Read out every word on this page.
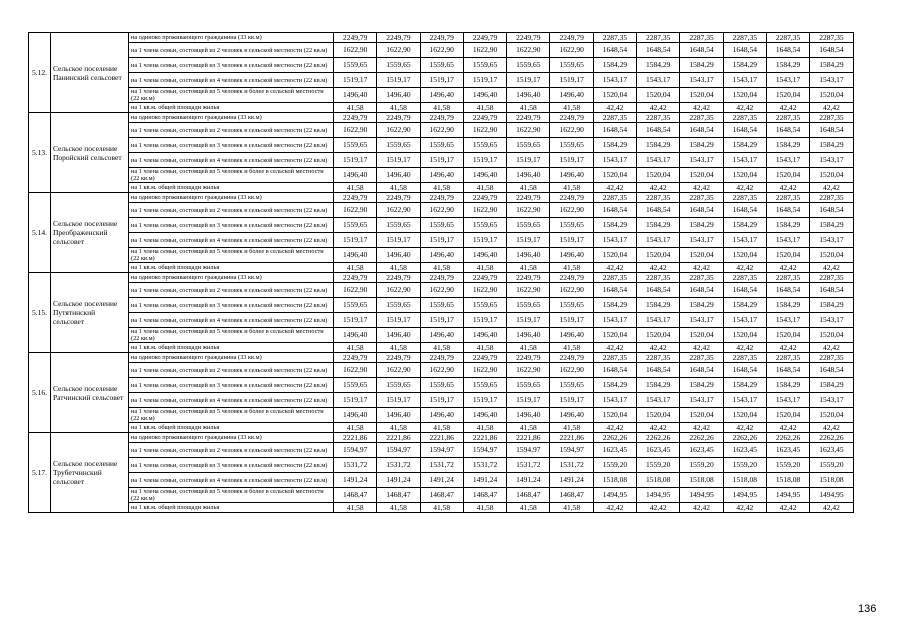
5.12.	Сельское поселение Панинский сельсовет	на одиноко проживающего гражданина (33 кв.м)	2249,79	2249,79	2249,79	2249,79	2249,79	2249,79	2287,35	2287,35	2287,35	2287,35	2287,35	2287,35
		на 1 члена семьи, состоящей из 2 человек в сельской местности (22 кв.м)	1622,90	1622,90	1622,90	1622,90	1622,90	1622,90	1648,54	1648,54	1648,54	1648,54	1648,54	1648,54
		на 1 члена семьи, состоящей из 3 человек в сельской местности (22 кв.м)	1559,65	1559,65	1559,65	1559,65	1559,65	1559,65	1584,29	1584,29	1584,29	1584,29	1584,29	1584,29
		на 1 члена семьи, состоящей из 4 человек в сельской местности (22 кв.м)	1519,17	1519,17	1519,17	1519,17	1519,17	1519,17	1543,17	1543,17	1543,17	1543,17	1543,17	1543,17
		на 1 члена семьи, состоящей из 5 человек и более в сельской местности (22 кв.м)	1496,40	1496,40	1496,40	1496,40	1496,40	1496,40	1520,04	1520,04	1520,04	1520,04	1520,04	1520,04
		на 1 кв.м. общей площади жилья	41,58	41,58	41,58	41,58	41,58	41,58	42,42	42,42	42,42	42,42	42,42	42,42
5.13.	Сельское поселение Поройский сельсовет	на одиноко проживающего гражданина (33 кв.м)	2249,79	2249,79	2249,79	2249,79	2249,79	2249,79	2287,35	2287,35	2287,35	2287,35	2287,35	2287,35
		на 1 члена семьи, состоящей из 2 человек в сельской местности (22 кв.м)	1622,90	1622,90	1622,90	1622,90	1622,90	1622,90	1648,54	1648,54	1648,54	1648,54	1648,54	1648,54
		на 1 члена семьи, состоящей из 3 человек в сельской местности (22 кв.м)	1559,65	1559,65	1559,65	1559,65	1559,65	1559,65	1584,29	1584,29	1584,29	1584,29	1584,29	1584,29
		на 1 члена семьи, состоящей из 4 человек в сельской местности (22 кв.м)	1519,17	1519,17	1519,17	1519,17	1519,17	1519,17	1543,17	1543,17	1543,17	1543,17	1543,17	1543,17
		на 1 члена семьи, состоящей из 5 человек и более в сельской местности (22 кв.м)	1496,40	1496,40	1496,40	1496,40	1496,40	1496,40	1520,04	1520,04	1520,04	1520,04	1520,04	1520,04
		на 1 кв.м. общей площади жилья	41,58	41,58	41,58	41,58	41,58	41,58	42,42	42,42	42,42	42,42	42,42	42,42
5.14.	Сельское поселение Преображенский сельсовет	на одиноко проживающего гражданина (33 кв.м)	2249,79	2249,79	2249,79	2249,79	2249,79	2249,79	2287,35	2287,35	2287,35	2287,35	2287,35	2287,35
		на 1 члена семьи, состоящей из 2 человек в сельской местности (22 кв.м)	1622,90	1622,90	1622,90	1622,90	1622,90	1622,90	1648,54	1648,54	1648,54	1648,54	1648,54	1648,54
		на 1 члена семьи, состоящей из 3 человек в сельской местности (22 кв.м)	1559,65	1559,65	1559,65	1559,65	1559,65	1559,65	1584,29	1584,29	1584,29	1584,29	1584,29	1584,29
		на 1 члена семьи, состоящей из 4 человек в сельской местности (22 кв.м)	1519,17	1519,17	1519,17	1519,17	1519,17	1519,17	1543,17	1543,17	1543,17	1543,17	1543,17	1543,17
		на 1 члена семьи, состоящей из 5 человек и более в сельской местности (22 кв.м)	1496,40	1496,40	1496,40	1496,40	1496,40	1496,40	1520,04	1520,04	1520,04	1520,04	1520,04	1520,04
		на 1 кв.м. общей площади жилья	41,58	41,58	41,58	41,58	41,58	41,58	42,42	42,42	42,42	42,42	42,42	42,42
5.15.	Сельское поселение Путятинский сельсовет	на одиноко проживающего гражданина (33 кв.м)	2249,79	2249,79	2249,79	2249,79	2249,79	2249,79	2287,35	2287,35	2287,35	2287,35	2287,35	2287,35
		на 1 члена семьи, состоящей из 2 человек в сельской местности (22 кв.м)	1622,90	1622,90	1622,90	1622,90	1622,90	1622,90	1648,54	1648,54	1648,54	1648,54	1648,54	1648,54
		на 1 члена семьи, состоящей из 3 человек в сельской местности (22 кв.м)	1559,65	1559,65	1559,65	1559,65	1559,65	1559,65	1584,29	1584,29	1584,29	1584,29	1584,29	1584,29
		на 1 члена семьи, состоящей из 4 человек в сельской местности (22 кв.м)	1519,17	1519,17	1519,17	1519,17	1519,17	1519,17	1543,17	1543,17	1543,17	1543,17	1543,17	1543,17
		на 1 члена семьи, состоящей из 5 человек и более в сельской местности (22 кв.м)	1496,40	1496,40	1496,40	1496,40	1496,40	1496,40	1520,04	1520,04	1520,04	1520,04	1520,04	1520,04
		на 1 кв.м. общей площади жилья	41,58	41,58	41,58	41,58	41,58	41,58	42,42	42,42	42,42	42,42	42,42	42,42
5.16.	Сельское поселение Ратчинский сельсовет	на одиноко проживающего гражданина (33 кв.м)	2249,79	2249,79	2249,79	2249,79	2249,79	2249,79	2287,35	2287,35	2287,35	2287,35	2287,35	2287,35
		на 1 члена семьи, состоящей из 2 человек в сельской местности (22 кв.м)	1622,90	1622,90	1622,90	1622,90	1622,90	1622,90	1648,54	1648,54	1648,54	1648,54	1648,54	1648,54
		на 1 члена семьи, состоящей из 3 человек в сельской местности (22 кв.м)	1559,65	1559,65	1559,65	1559,65	1559,65	1559,65	1584,29	1584,29	1584,29	1584,29	1584,29	1584,29
		на 1 члена семьи, состоящей из 4 человек в сельской местности (22 кв.м)	1519,17	1519,17	1519,17	1519,17	1519,17	1519,17	1543,17	1543,17	1543,17	1543,17	1543,17	1543,17
		на 1 члена семьи, состоящей из 5 человек и более в сельской местности (22 кв.м)	1496,40	1496,40	1496,40	1496,40	1496,40	1496,40	1520,04	1520,04	1520,04	1520,04	1520,04	1520,04
		на 1 кв.м. общей площади жилья	41,58	41,58	41,58	41,58	41,58	41,58	42,42	42,42	42,42	42,42	42,42	42,42
5.17.	Сельское поселение Трубетчинский сельсовет	на одиноко проживающего гражданина (33 кв.м)	2221,86	2221,86	2221,86	2221,86	2221,86	2221,86	2262,26	2262,26	2262,26	2262,26	2262,26	2262,26
		на 1 члена семьи, состоящей из 2 человек в сельской местности (22 кв.м)	1594,97	1594,97	1594,97	1594,97	1594,97	1594,97	1623,45	1623,45	1623,45	1623,45	1623,45	1623,45
		на 1 члена семьи, состоящей из 3 человек в сельской местности (22 кв.м)	1531,72	1531,72	1531,72	1531,72	1531,72	1531,72	1559,20	1559,20	1559,20	1559,20	1559,20	1559,20
		на 1 члена семьи, состоящей из 4 человек в сельской местности (22 кв.м)	1491,24	1491,24	1491,24	1491,24	1491,24	1491,24	1518,08	1518,08	1518,08	1518,08	1518,08	1518,08
		на 1 члена семьи, состоящей из 5 человек и более в сельской местности (22 кв.м)	1468,47	1468,47	1468,47	1468,47	1468,47	1468,47	1494,95	1494,95	1494,95	1494,95	1494,95	1494,95
		на 1 кв.м. общей площади жилья	41,58	41,58	41,58	41,58	41,58	41,58	42,42	42,42	42,42	42,42	42,42	42,42
136
